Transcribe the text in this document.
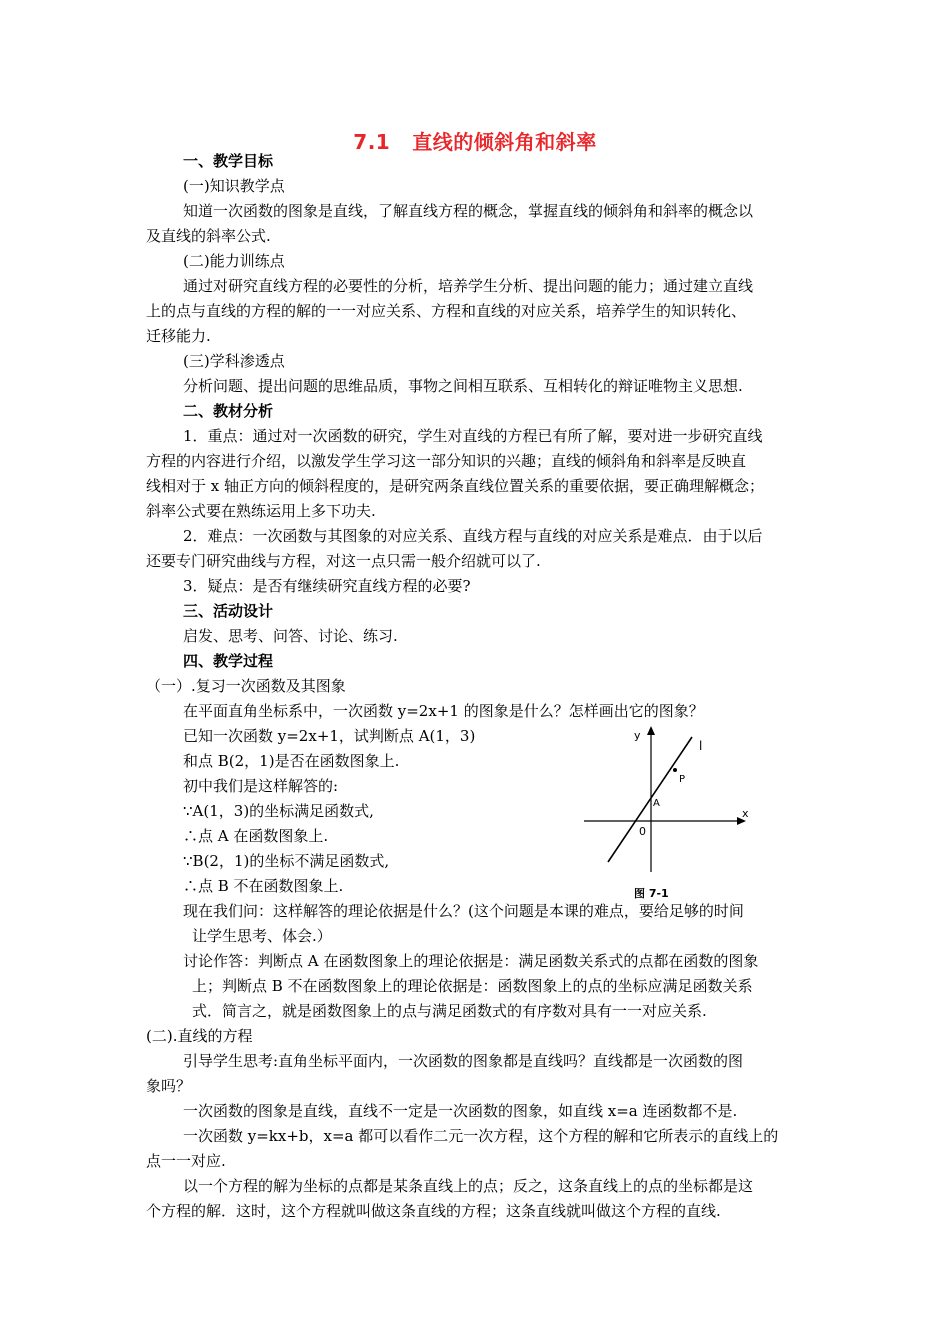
7.1 直线的倾斜角和斜率
一、教学目标
(一)知识教学点
知道一次函数的图象是直线，了解直线方程的概念，掌握直线的倾斜角和斜率的概念以
及直线的斜率公式.
(二)能力训练点
通过对研究直线方程的必要性的分析，培养学生分析、提出问题的能力；通过建立直线
上的点与直线的方程的解的一一对应关系、方程和直线的对应关系，培养学生的知识转化、
迁移能力.
(三)学科渗透点
分析问题、提出问题的思维品质，事物之间相互联系、互相转化的辩证唯物主义思想.
二、教材分析
1．重点：通过对一次函数的研究，学生对直线的方程已有所了解，要对进一步研究直线
方程的内容进行介绍，以激发学生学习这一部分知识的兴趣；直线的倾斜角和斜率是反映直
线相对于 x 轴正方向的倾斜程度的，是研究两条直线位置关系的重要依据，要正确理解概念；
斜率公式要在熟练运用上多下功夫.
2．难点：一次函数与其图象的对应关系、直线方程与直线的对应关系是难点．由于以后
还要专门研究曲线与方程，对这一点只需一般介绍就可以了.
3．疑点：是否有继续研究直线方程的必要?
三、活动设计
启发、思考、问答、讨论、练习.
四、教学过程
（一）.复习一次函数及其图象
在平面直角坐标系中，一次函数 y=2x+1 的图象是什么？怎样画出它的图象？
已知一次函数 y=2x+1，试判断点 A(1，3)
和点 B(2，1)是否在函数图象上.
初中我们是这样解答的:
∵A(1，3)的坐标满足函数式,
∴点 A 在函数图象上.
∵B(2，1)的坐标不满足函数式,
∴点 B 不在函数图象上.
现在我们问：这样解答的理论依据是什么？(这个问题是本课的难点，要给足够的时间
让学生思考、体会.）
讨论作答：判断点 A 在函数图象上的理论依据是：满足函数关系式的点都在函数的图象
上；判断点 B 不在函数图象上的理论依据是：函数图象上的点的坐标应满足函数关系
式．简言之，就是函数图象上的点与满足函数式的有序数对具有一一对应关系.
(二).直线的方程
引导学生思考:直角坐标平面内，一次函数的图象都是直线吗？直线都是一次函数的图
象吗？
一次函数的图象是直线，直线不一定是一次函数的图象，如直线 x=a 连函数都不是.
一次函数 y=kx+b，x=a 都可以看作二元一次方程，这个方程的解和它所表示的直线上的
点一一对应.
以一个方程的解为坐标的点都是某条直线上的点；反之，这条直线上的点的坐标都是这
个方程的解．这时，这个方程就叫做这条直线的方程；这条直线就叫做这个方程的直线.
y
x
0
l
P
A
图 7-1
